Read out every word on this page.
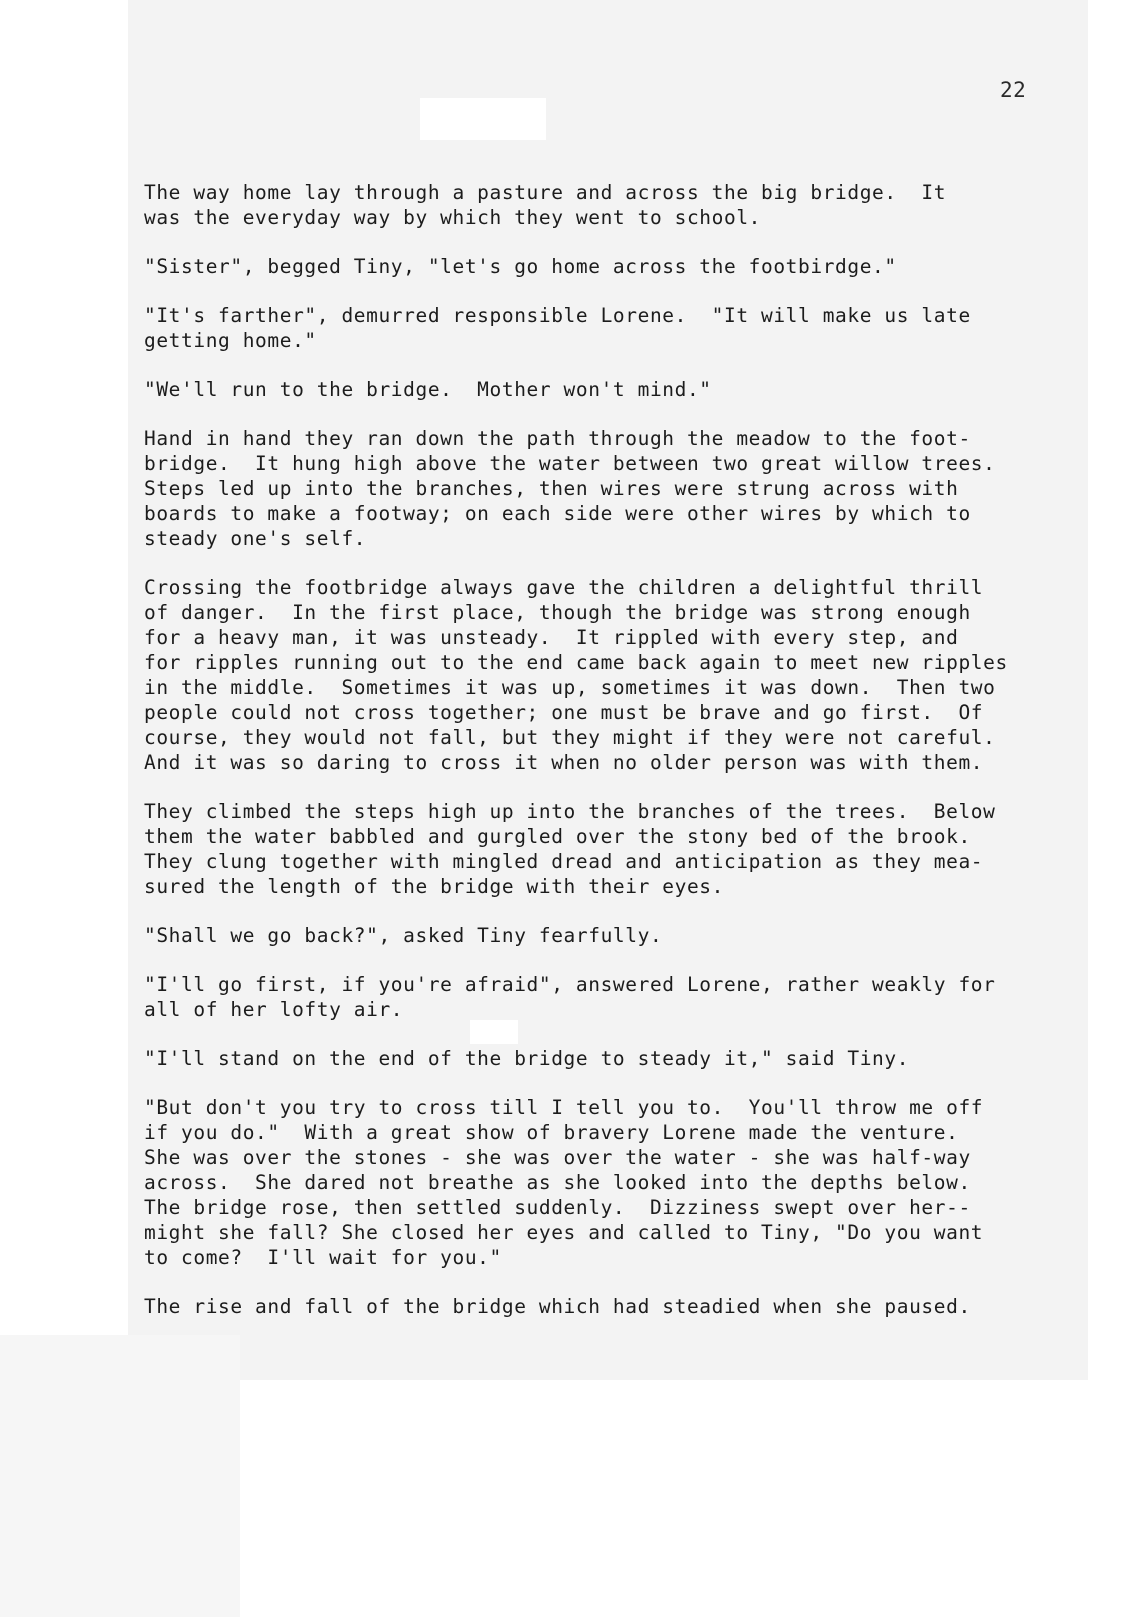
22

The way home lay through a pasture and across the big bridge.  It
was the everyday way by which they went to school.

"Sister", begged Tiny, "let's go home across the footbirdge."

"It's farther", demurred responsible Lorene.  "It will make us late
getting home."

"We'll run to the bridge.  Mother won't mind."

Hand in hand they ran down the path through the meadow to the foot-
bridge.  It hung high above the water between two great willow trees.
Steps led up into the branches, then wires were strung across with
boards to make a footway; on each side were other wires by which to
steady one's self.

Crossing the footbridge always gave the children a delightful thrill
of danger.  In the first place, though the bridge was strong enough
for a heavy man, it was unsteady.  It rippled with every step, and
for ripples running out to the end came back again to meet new ripples
in the middle.  Sometimes it was up, sometimes it was down.  Then two
people could not cross together; one must be brave and go first.  Of
course, they would not fall, but they might if they were not careful.
And it was so daring to cross it when no older person was with them.

They climbed the steps high up into the branches of the trees.  Below
them the water babbled and gurgled over the stony bed of the brook.
They clung together with mingled dread and anticipation as they mea-
sured the length of the bridge with their eyes.

"Shall we go back?", asked Tiny fearfully.

"I'll go first, if you're afraid", answered Lorene, rather weakly for
all of her lofty air.

"I'll stand on the end of the bridge to steady it," said Tiny.

"But don't you try to cross till I tell you to.  You'll throw me off
if you do."  With a great show of bravery Lorene made the venture.
She was over the stones - she was over the water - she was half-way
across.  She dared not breathe as she looked into the depths below.
The bridge rose, then settled suddenly.  Dizziness swept over her--
might she fall? She closed her eyes and called to Tiny, "Do you want
to come?  I'll wait for you."

The rise and fall of the bridge which had steadied when she paused.
